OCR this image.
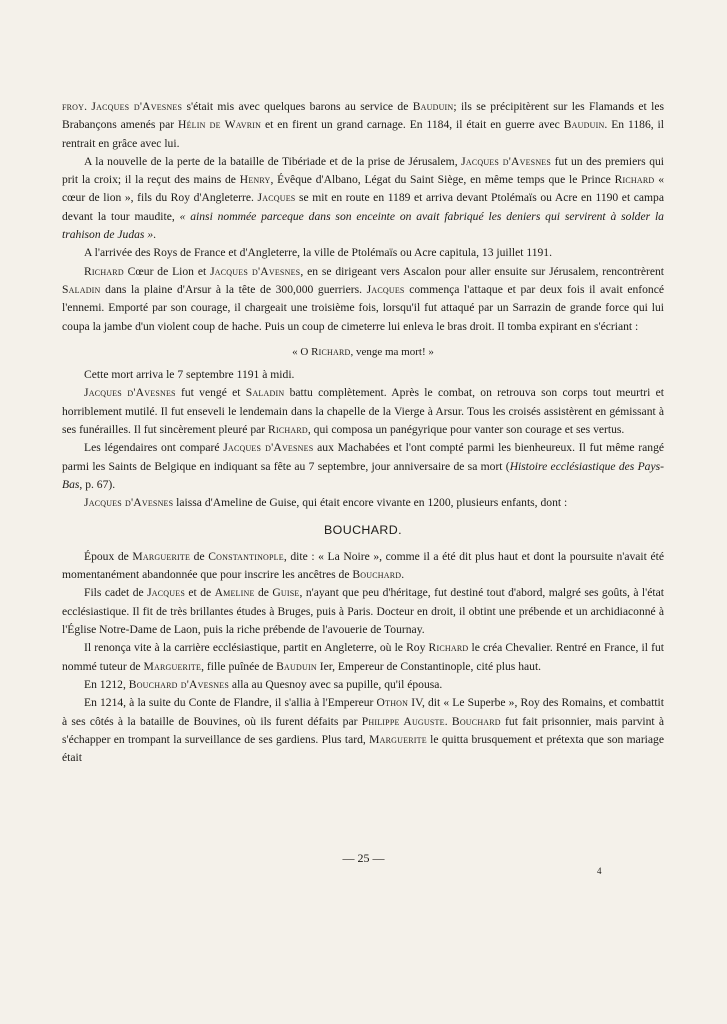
froy. Jacques d'Avesnes s'était mis avec quelques barons au service de Bauduin; ils se précipitèrent sur les Flamands et les Brabançons amenés par Hélin de Wavrin et en firent un grand carnage. En 1184, il était en guerre avec Bauduin. En 1186, il rentrait en grâce avec lui.

A la nouvelle de la perte de la bataille de Tibériade et de la prise de Jérusalem, Jacques d'Avesnes fut un des premiers qui prit la croix; il la reçut des mains de Henry, Évêque d'Albano, Légat du Saint Siège, en même temps que le Prince Richard « cœur de lion », fils du Roy d'Angleterre. Jacques se mit en route en 1189 et arriva devant Ptolémaïs ou Acre en 1190 et campa devant la tour maudite, « ainsi nommée parceque dans son enceinte on avait fabriqué les deniers qui servirent à solder la trahison de Judas ».

A l'arrivée des Roys de France et d'Angleterre, la ville de Ptolémaïs ou Acre capitula, 13 juillet 1191.

Richard Cœur de Lion et Jacques d'Avesnes, en se dirigeant vers Ascalon pour aller ensuite sur Jérusalem, rencontrèrent Saladin dans la plaine d'Arsur à la tête de 300,000 guerriers. Jacques commença l'attaque et par deux fois il avait enfoncé l'ennemi. Emporté par son courage, il chargeait une troisième fois, lorsqu'il fut attaqué par un Sarrazin de grande force qui lui coupa la jambe d'un violent coup de hache. Puis un coup de cimeterre lui enleva le bras droit. Il tomba expirant en s'écriant :

« O Richard, venge ma mort! »

Cette mort arriva le 7 septembre 1191 à midi.

Jacques d'Avesnes fut vengé et Saladin battu complètement. Après le combat, on retrouva son corps tout meurtri et horriblement mutilé. Il fut enseveli le lendemain dans la chapelle de la Vierge à Arsur. Tous les croisés assistèrent en gémissant à ses funérailles. Il fut sincèrement pleuré par Richard, qui composa un panégyrique pour vanter son courage et ses vertus.

Les légendaires ont comparé Jacques d'Avesnes aux Machabées et l'ont compté parmi les bienheureux. Il fut même rangé parmi les Saints de Belgique en indiquant sa fête au 7 septembre, jour anniversaire de sa mort (Histoire ecclésiastique des Pays-Bas, p. 67).

Jacques d'Avesnes laissa d'Ameline de Guise, qui était encore vivante en 1200, plusieurs enfants, dont :

BOUCHARD.

Époux de Marguerite de Constantinople, dite : « La Noire », comme il a été dit plus haut et dont la poursuite n'avait été momentanément abandonnée que pour inscrire les ancêtres de Bouchard.

Fils cadet de Jacques et de Ameline de Guise, n'ayant que peu d'héritage, fut destiné tout d'abord, malgré ses goûts, à l'état ecclésiastique. Il fit de très brillantes études à Bruges, puis à Paris. Docteur en droit, il obtint une prébende et un archidiaconné à l'Église Notre-Dame de Laon, puis la riche prébende de l'avouerie de Tournay.

Il renonça vite à la carrière ecclésiastique, partit en Angleterre, où le Roy Richard le créa Chevalier. Rentré en France, il fut nommé tuteur de Marguerite, fille puînée de Bauduin Ier, Empereur de Constantinople, cité plus haut.

En 1212, Bouchard d'Avesnes alla au Quesnoy avec sa pupille, qu'il épousa.

En 1214, à la suite du Conte de Flandre, il s'allia à l'Empereur Othon IV, dit « Le Superbe », Roy des Romains, et combattit à ses côtés à la bataille de Bouvines, où ils furent défaits par Philippe Auguste. Bouchard fut fait prisonnier, mais parvint à s'échapper en trompant la surveillance de ses gardiens. Plus tard, Marguerite le quitta brusquement et prétexta que son mariage était

— 25 —
4
